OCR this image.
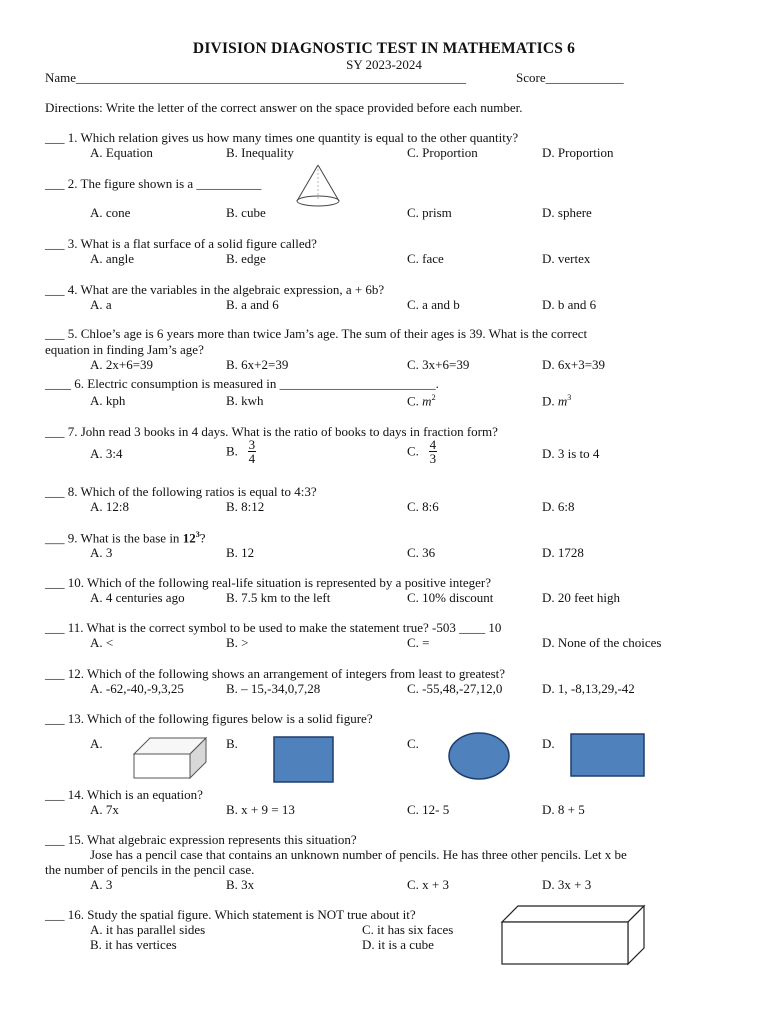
DIVISION DIAGNOSTIC TEST IN MATHEMATICS 6
SY 2023-2024
Name____________________________________________________________	Score____________
Directions: Write the letter of the correct answer on the space provided before each number.
___ 1. Which relation gives us how many times one quantity is equal to the other quantity?
A. Equation	B. Inequality	C. Proportion	D. Proportion
___ 2. The figure shown is a __________
A. cone	B. cube	C. prism	D. sphere
___ 3. What is a flat surface of a solid figure called?
A. angle	B. edge	C. face	D. vertex
___ 4. What are the variables in the algebraic expression, a + 6b?
A. a	B. a and 6	C. a and b	D. b and 6
___ 5. Chloe’s age is 6 years more than twice Jam’s age. The sum of their ages is 39. What is the correct
equation in finding Jam’s age?
A. 2x+6=39	B. 6x+2=39	C. 3x+6=39	D. 6x+3=39
____ 6. Electric consumption is measured in ________________________.
A. kph	B. kwh	C. $m^2$	D. $m^3$
___ 7. John read 3 books in 4 days. What is the ratio of books to days in fraction form?
A. 3:4	B. $\frac{3}{4}$	C. $\frac{4}{3}$	D. 3 is to 4
___ 8. Which of the following ratios is equal to 4:3?
A. 12:8	B. 8:12	C. 8:6	D. 6:8
___ 9. What is the base in $12^3$?
A. 3	B. 12	C. 36	D. 1728
___ 10. Which of the following real-life situation is represented by a positive integer?
A. 4 centuries ago	B. 7.5 km to the left	C. 10% discount	D. 20 feet high
___ 11. What is the correct symbol to be used to make the statement true? -503 ____ 10
A. <	B. >	C. =	D. None of the choices
___ 12. Which of the following shows an arrangement of integers from least to greatest?
A. -62,-40,-9,3,25	B. – 15,-34,0,7,28	C. -55,48,-27,12,0	D. 1, -8,13,29,-42
___ 13. Which of the following figures below is a solid figure?
A.	B.	C.	D.
___ 14. Which is an equation?
A. 7x	B. x + 9 = 13	C. 12- 5	D. 8 + 5
___ 15. What algebraic expression represents this situation?
Jose has a pencil case that contains an unknown number of pencils. He has three other pencils. Let x be
the number of pencils in the pencil case.
A. 3	B. 3x	C. x + 3	D. 3x + 3
___ 16. Study the spatial figure. Which statement is NOT true about it?
A. it has parallel sides	C. it has six faces
B. it has vertices	D. it is a cube
